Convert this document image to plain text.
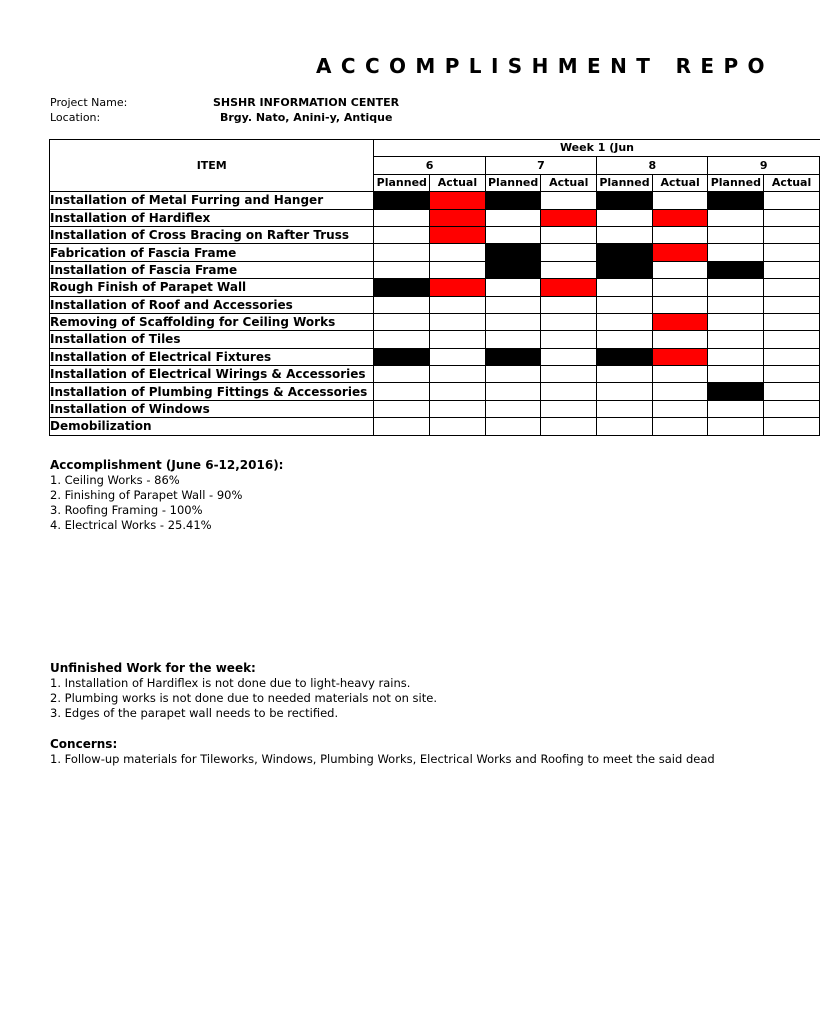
ACCOMPLISHMENT REPO
Project Name:	SHSHR INFORMATION CENTER
Location:	Brgy. Nato, Anini-y, Antique
ITEM	Week 1 (Jun							
	6		7		8		9	
	Planned	Actual	Planned	Actual	Planned	Actual	Planned	Actual
Installation of Metal Furring and Hanger								
Installation of Hardiflex								
Installation of Cross Bracing on Rafter Truss								
Fabrication of Fascia Frame								
Installation of Fascia Frame								
Rough Finish of Parapet Wall								
Installation of Roof and Accessories								
Removing of Scaffolding for Ceiling Works								
Installation of Tiles								
Installation of Electrical Fixtures								
Installation of Electrical Wirings & Accessories								
Installation of Plumbing Fittings & Accessories								
Installation of Windows								
Demobilization								
Accomplishment (June 6-12,2016):
1. Ceiling Works - 86%
2. Finishing of Parapet Wall - 90%
3. Roofing Framing - 100%
4. Electrical Works - 25.41%
Unfinished Work for the week:
1. Installation of Hardiflex is not done due to light-heavy rains.
2. Plumbing works is not done due to needed materials not on site.
3. Edges of the parapet wall needs to be rectified.
Concerns:
1. Follow-up materials for Tileworks, Windows, Plumbing Works, Electrical Works and Roofing to meet the said dead
